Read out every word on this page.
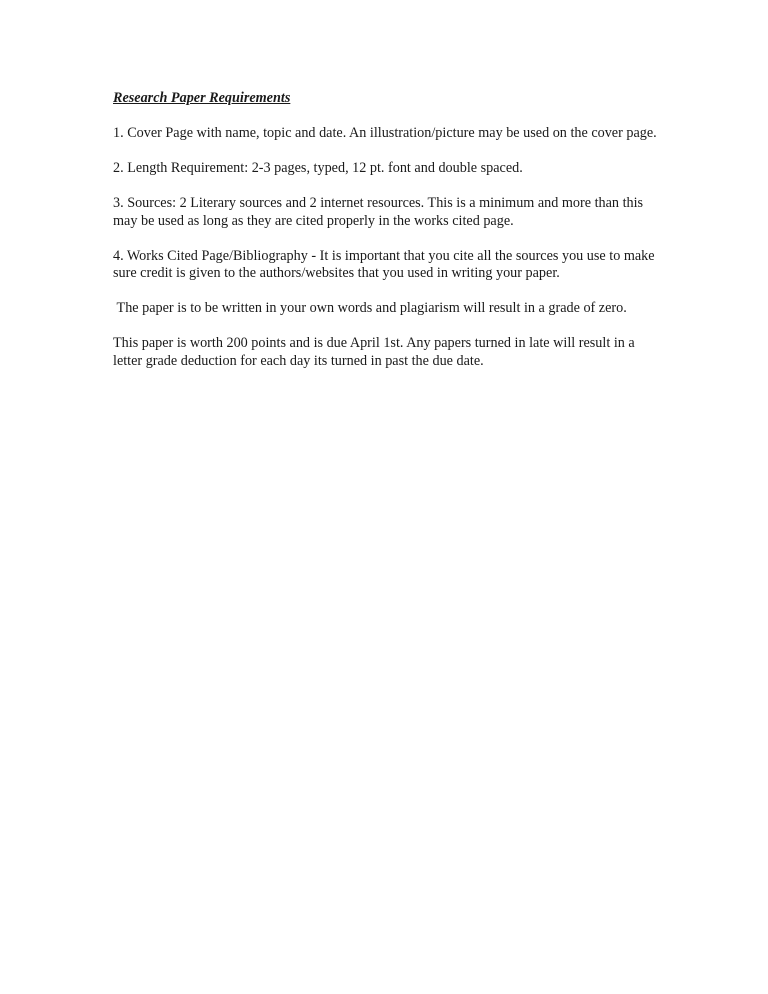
Research Paper Requirements

1. Cover Page with name, topic and date. An illustration/picture may be used on the cover page.

2. Length Requirement: 2-3 pages, typed, 12 pt. font and double spaced.

3. Sources: 2 Literary sources and 2 internet resources. This is a minimum and more than this may be used as long as they are cited properly in the works cited page.

4. Works Cited Page/Bibliography - It is important that you cite all the sources you use to make sure credit is given to the authors/websites that you used in writing your paper.

The paper is to be written in your own words and plagiarism will result in a grade of zero.

This paper is worth 200 points and is due April 1st. Any papers turned in late will result in a letter grade deduction for each day its turned in past the due date.
